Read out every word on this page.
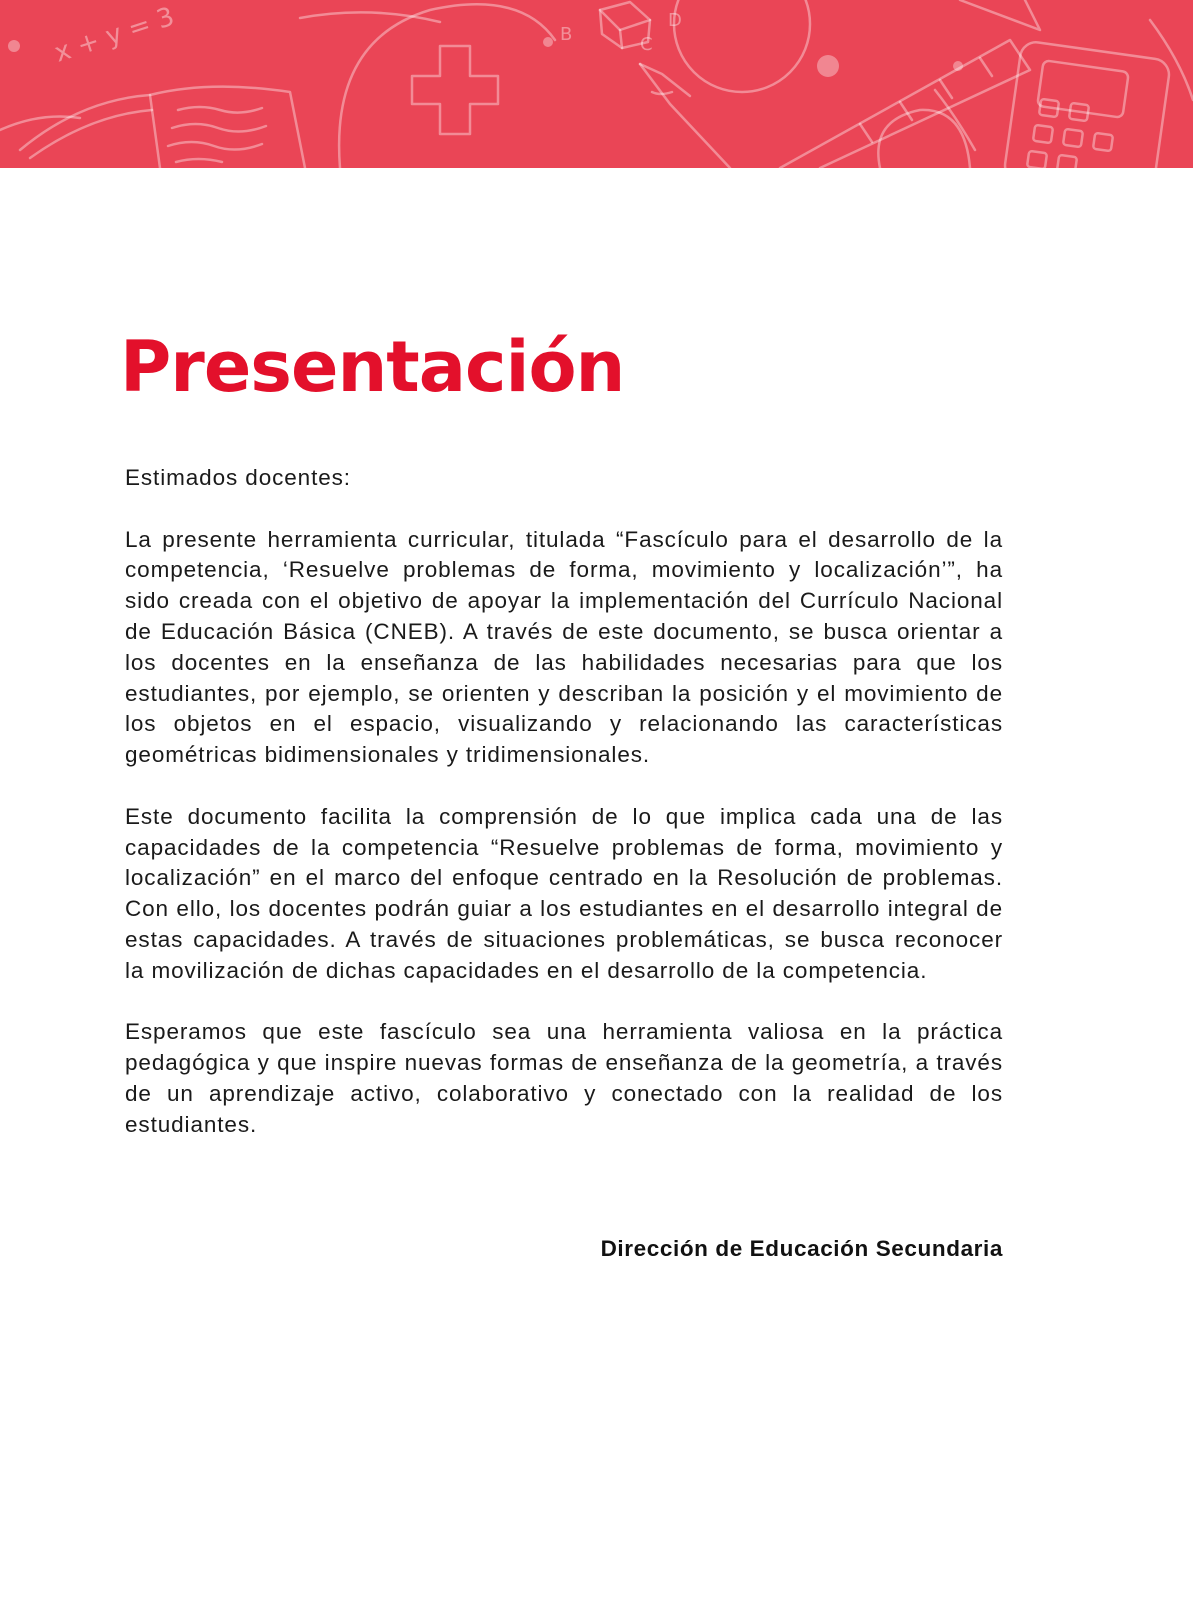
x + y = 3	B	C
D
Presentación

Estimados docentes:

La presente herramienta curricular, titulada “Fascículo para el desarrollo de la competencia, ‘Resuelve problemas de forma, movimiento y localización’”, ha sido creada con el objetivo de apoyar la implementación del Currículo Nacional de Educación Básica (CNEB). A través de este documento, se busca orientar a los docentes en la enseñanza de las habilidades necesarias para que los estudiantes, por ejemplo, se orienten y describan la posición y el movimiento de los objetos en el espacio, visualizando y relacionando las características geométricas bidimensionales y tridimensionales.

Este documento facilita la comprensión de lo que implica cada una de las capacidades de la competencia “Resuelve problemas de forma, movimiento y localización” en el marco del enfoque centrado en la Resolución de problemas. Con ello, los docentes podrán guiar a los estudiantes en el desarrollo integral de estas capacidades. A través de situaciones problemáticas, se busca reconocer la movilización de dichas capacidades en el desarrollo de la competencia.

Esperamos que este fascículo sea una herramienta valiosa en la práctica pedagógica y que inspire nuevas formas de enseñanza de la geometría, a través de un aprendizaje activo, colaborativo y conectado con la realidad de los estudiantes.

Dirección de Educación Secundaria
